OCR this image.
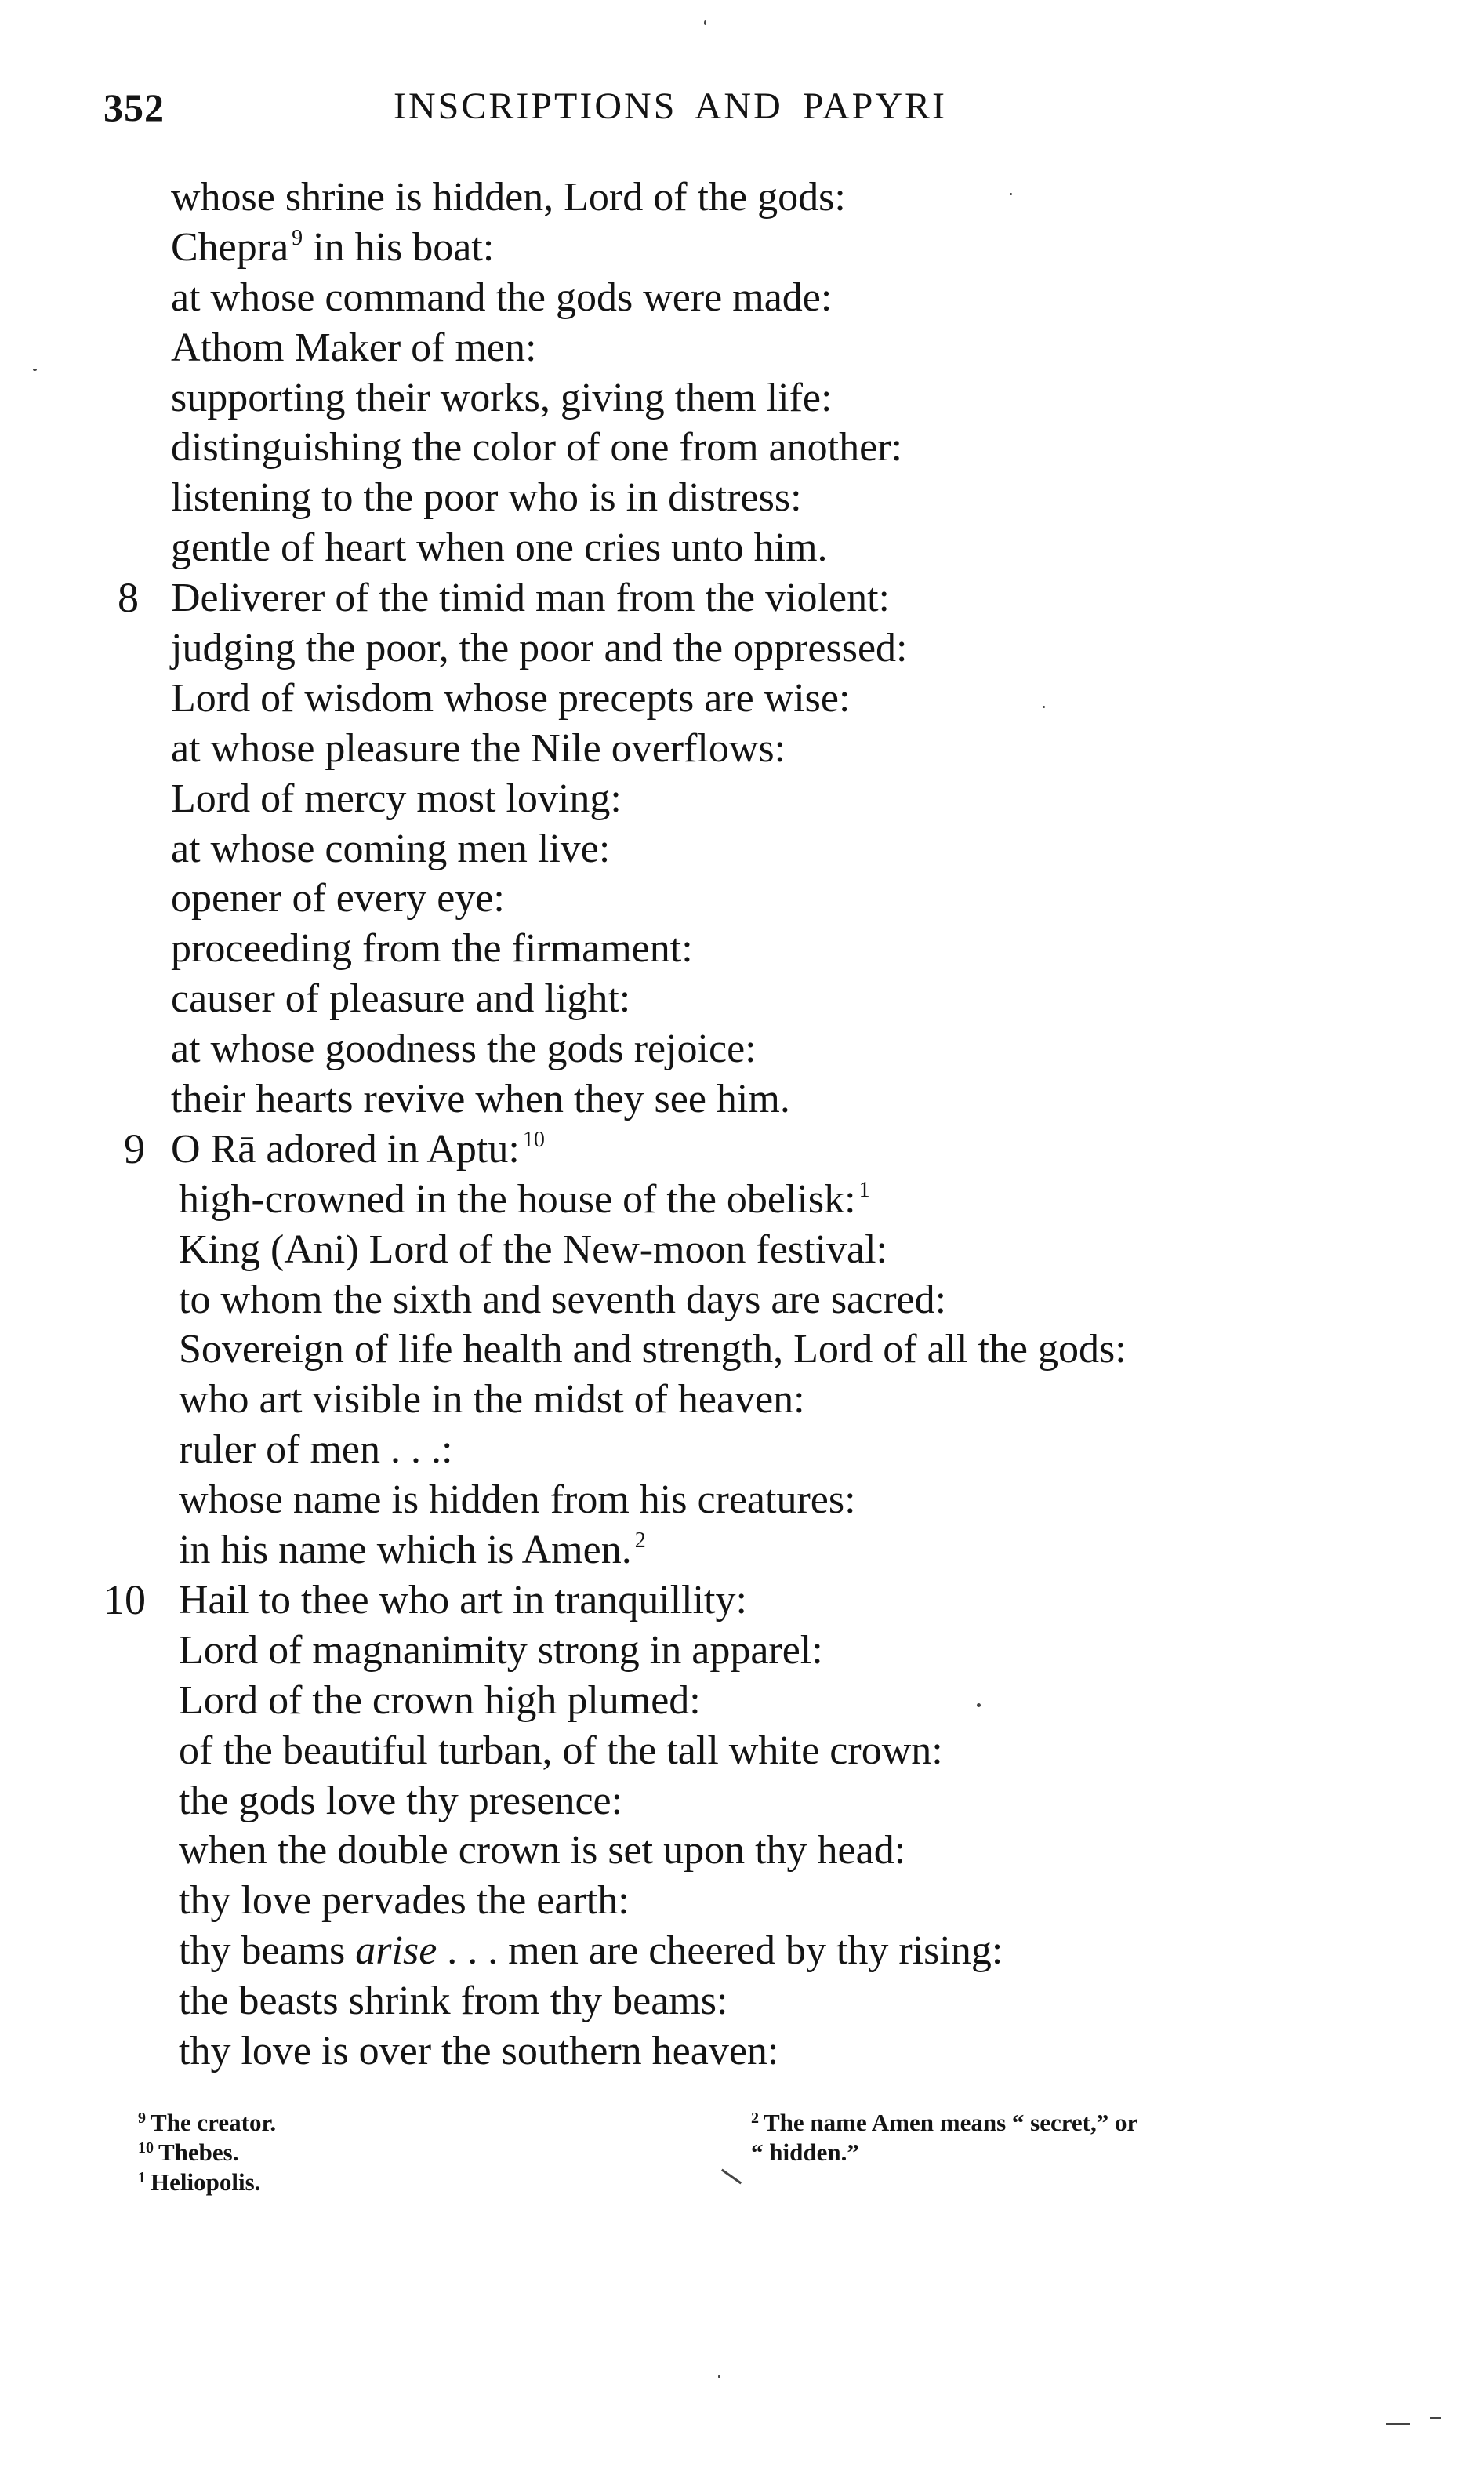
352	INSCRIPTIONS AND PAPYRI
whose shrine is hidden, Lord of the gods:
Chepra $^9$ in his boat:
at whose command the gods were made:
Athom Maker of men:
supporting their works, giving them life:
distinguishing the color of one from another:
listening to the poor who is in distress:
gentle of heart when one cries unto him.
8 Deliverer of the timid man from the violent:
judging the poor, the poor and the oppressed:
Lord of wisdom whose precepts are wise:
at whose pleasure the Nile overflows:
Lord of mercy most loving:
at whose coming men live:
opener of every eye:
proceeding from the firmament:
causer of pleasure and light:
at whose goodness the gods rejoice:
their hearts revive when they see him.
9 O Rā adored in Aptu: $^{10}$
high-crowned in the house of the obelisk: $^1$
King (Ani) Lord of the New-moon festival:
to whom the sixth and seventh days are sacred:
Sovereign of life health and strength, Lord of all the gods:
who art visible in the midst of heaven:
ruler of men . . .:
whose name is hidden from his creatures:
in his name which is Amen. $^2$
10 Hail to thee who art in tranquillity:
Lord of magnanimity strong in apparel:
Lord of the crown high plumed:
of the beautiful turban, of the tall white crown:
the gods love thy presence:
when the double crown is set upon thy head:
thy love pervades the earth:
thy beams arise . . . men are cheered by thy rising:
the beasts shrink from thy beams:
thy love is over the southern heaven:
$^9$ The creator.
$^{10}$ Thebes.
$^1$ Heliopolis.
$^2$ The name Amen means “ secret,” or
“ hidden.”
